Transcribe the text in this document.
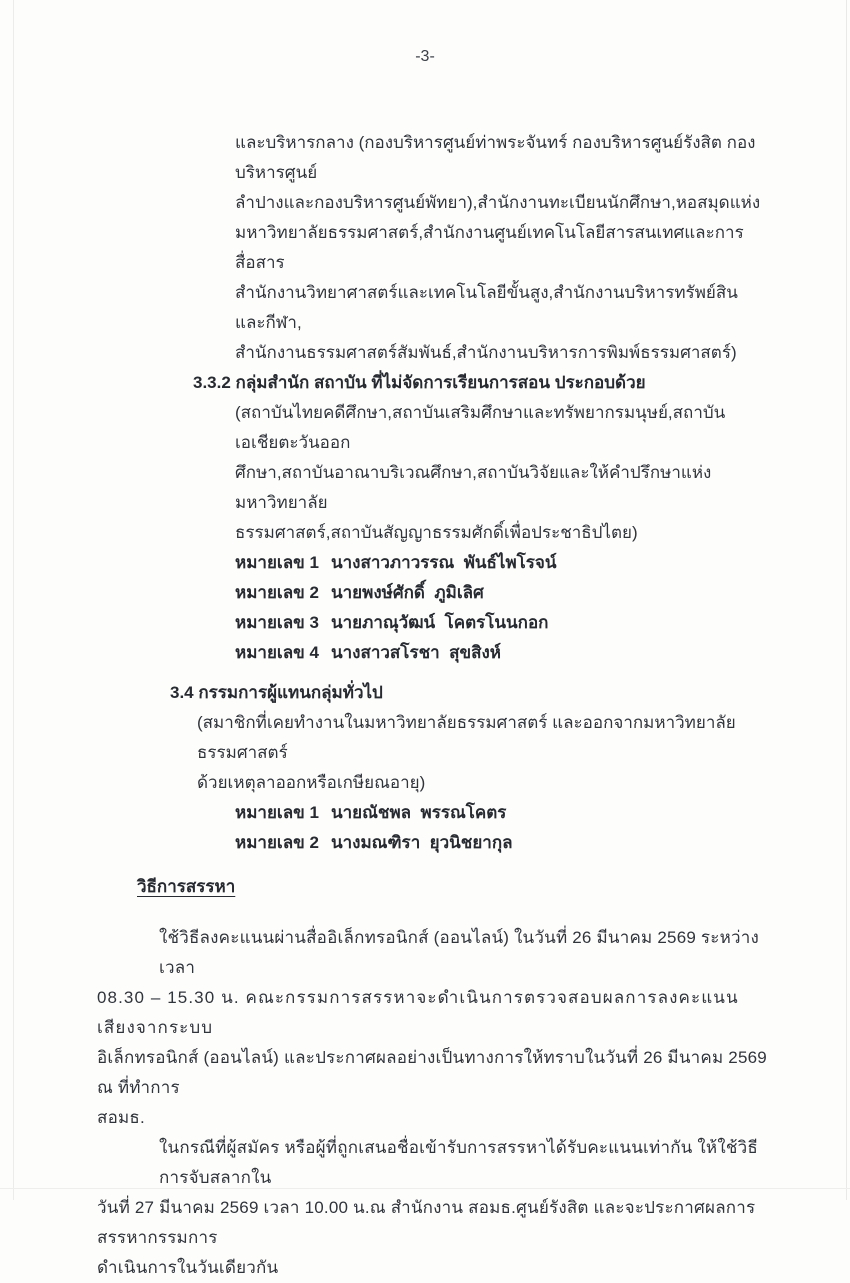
-3-
และบริหารกลาง (กองบริหารศูนย์ท่าพระจันทร์ กองบริหารศูนย์รังสิต กองบริหารศูนย์
ลำปางและกองบริหารศูนย์พัทยา),สำนักงานทะเบียนนักศึกษา,หอสมุดแห่ง
มหาวิทยาลัยธรรมศาสตร์,สำนักงานศูนย์เทคโนโลยีสารสนเทศและการสื่อสาร
สำนักงานวิทยาศาสตร์และเทคโนโลยีขั้นสูง,สำนักงานบริหารทรัพย์สินและกีฬา,
สำนักงานธรรมศาสตร์สัมพันธ์,สำนักงานบริหารการพิมพ์ธรรมศาสตร์)
3.3.2 กลุ่มสำนัก สถาบัน ที่ไม่จัดการเรียนการสอน ประกอบด้วย
(สถาบันไทยคดีศึกษา,สถาบันเสริมศึกษาและทรัพยากรมนุษย์,สถาบันเอเชียตะวันออก
ศึกษา,สถาบันอาณาบริเวณศึกษา,สถาบันวิจัยและให้คำปรึกษาแห่งมหาวิทยาลัย
ธรรมศาสตร์,สถาบันสัญญาธรรมศักดิ์เพื่อประชาธิปไตย)
หมายเลข 1 นางสาวภาวรรณ  พันธ์ไพโรจน์
หมายเลข 2 นายพงษ์ศักดิ์  ภูมิเลิศ
หมายเลข 3 นายภาณุวัฒน์  โคตรโนนกอก
หมายเลข 4 นางสาวสโรชา  สุขสิงห์
3.4 กรรมการผู้แทนกลุ่มทั่วไป
(สมาชิกที่เคยทำงานในมหาวิทยาลัยธรรมศาสตร์ และออกจากมหาวิทยาลัยธรรมศาสตร์
ด้วยเหตุลาออกหรือเกษียณอายุ)
หมายเลข 1 นายณัชพล  พรรณโคตร
หมายเลข 2 นางมณฑิรา  ยุวนิชยากุล
วิธีการสรรหา
ใช้วิธีลงคะแนนผ่านสื่ออิเล็กทรอนิกส์ (ออนไลน์) ในวันที่ 26 มีนาคม 2569 ระหว่างเวลา
08.30 – 15.30 น. คณะกรรมการสรรหาจะดำเนินการตรวจสอบผลการลงคะแนนเสียงจากระบบ
อิเล็กทรอนิกส์ (ออนไลน์) และประกาศผลอย่างเป็นทางการให้ทราบในวันที่ 26 มีนาคม 2569 ณ ที่ทำการ
สอมธ.
ในกรณีที่ผู้สมัคร หรือผู้ที่ถูกเสนอชื่อเข้ารับการสรรหาได้รับคะแนนเท่ากัน ให้ใช้วิธีการจับสลากใน
วันที่ 27 มีนาคม 2569 เวลา 10.00 น.ณ สำนักงาน สอมธ.ศูนย์รังสิต และจะประกาศผลการสรรหากรรมการ
ดำเนินการในวันเดียวกัน
